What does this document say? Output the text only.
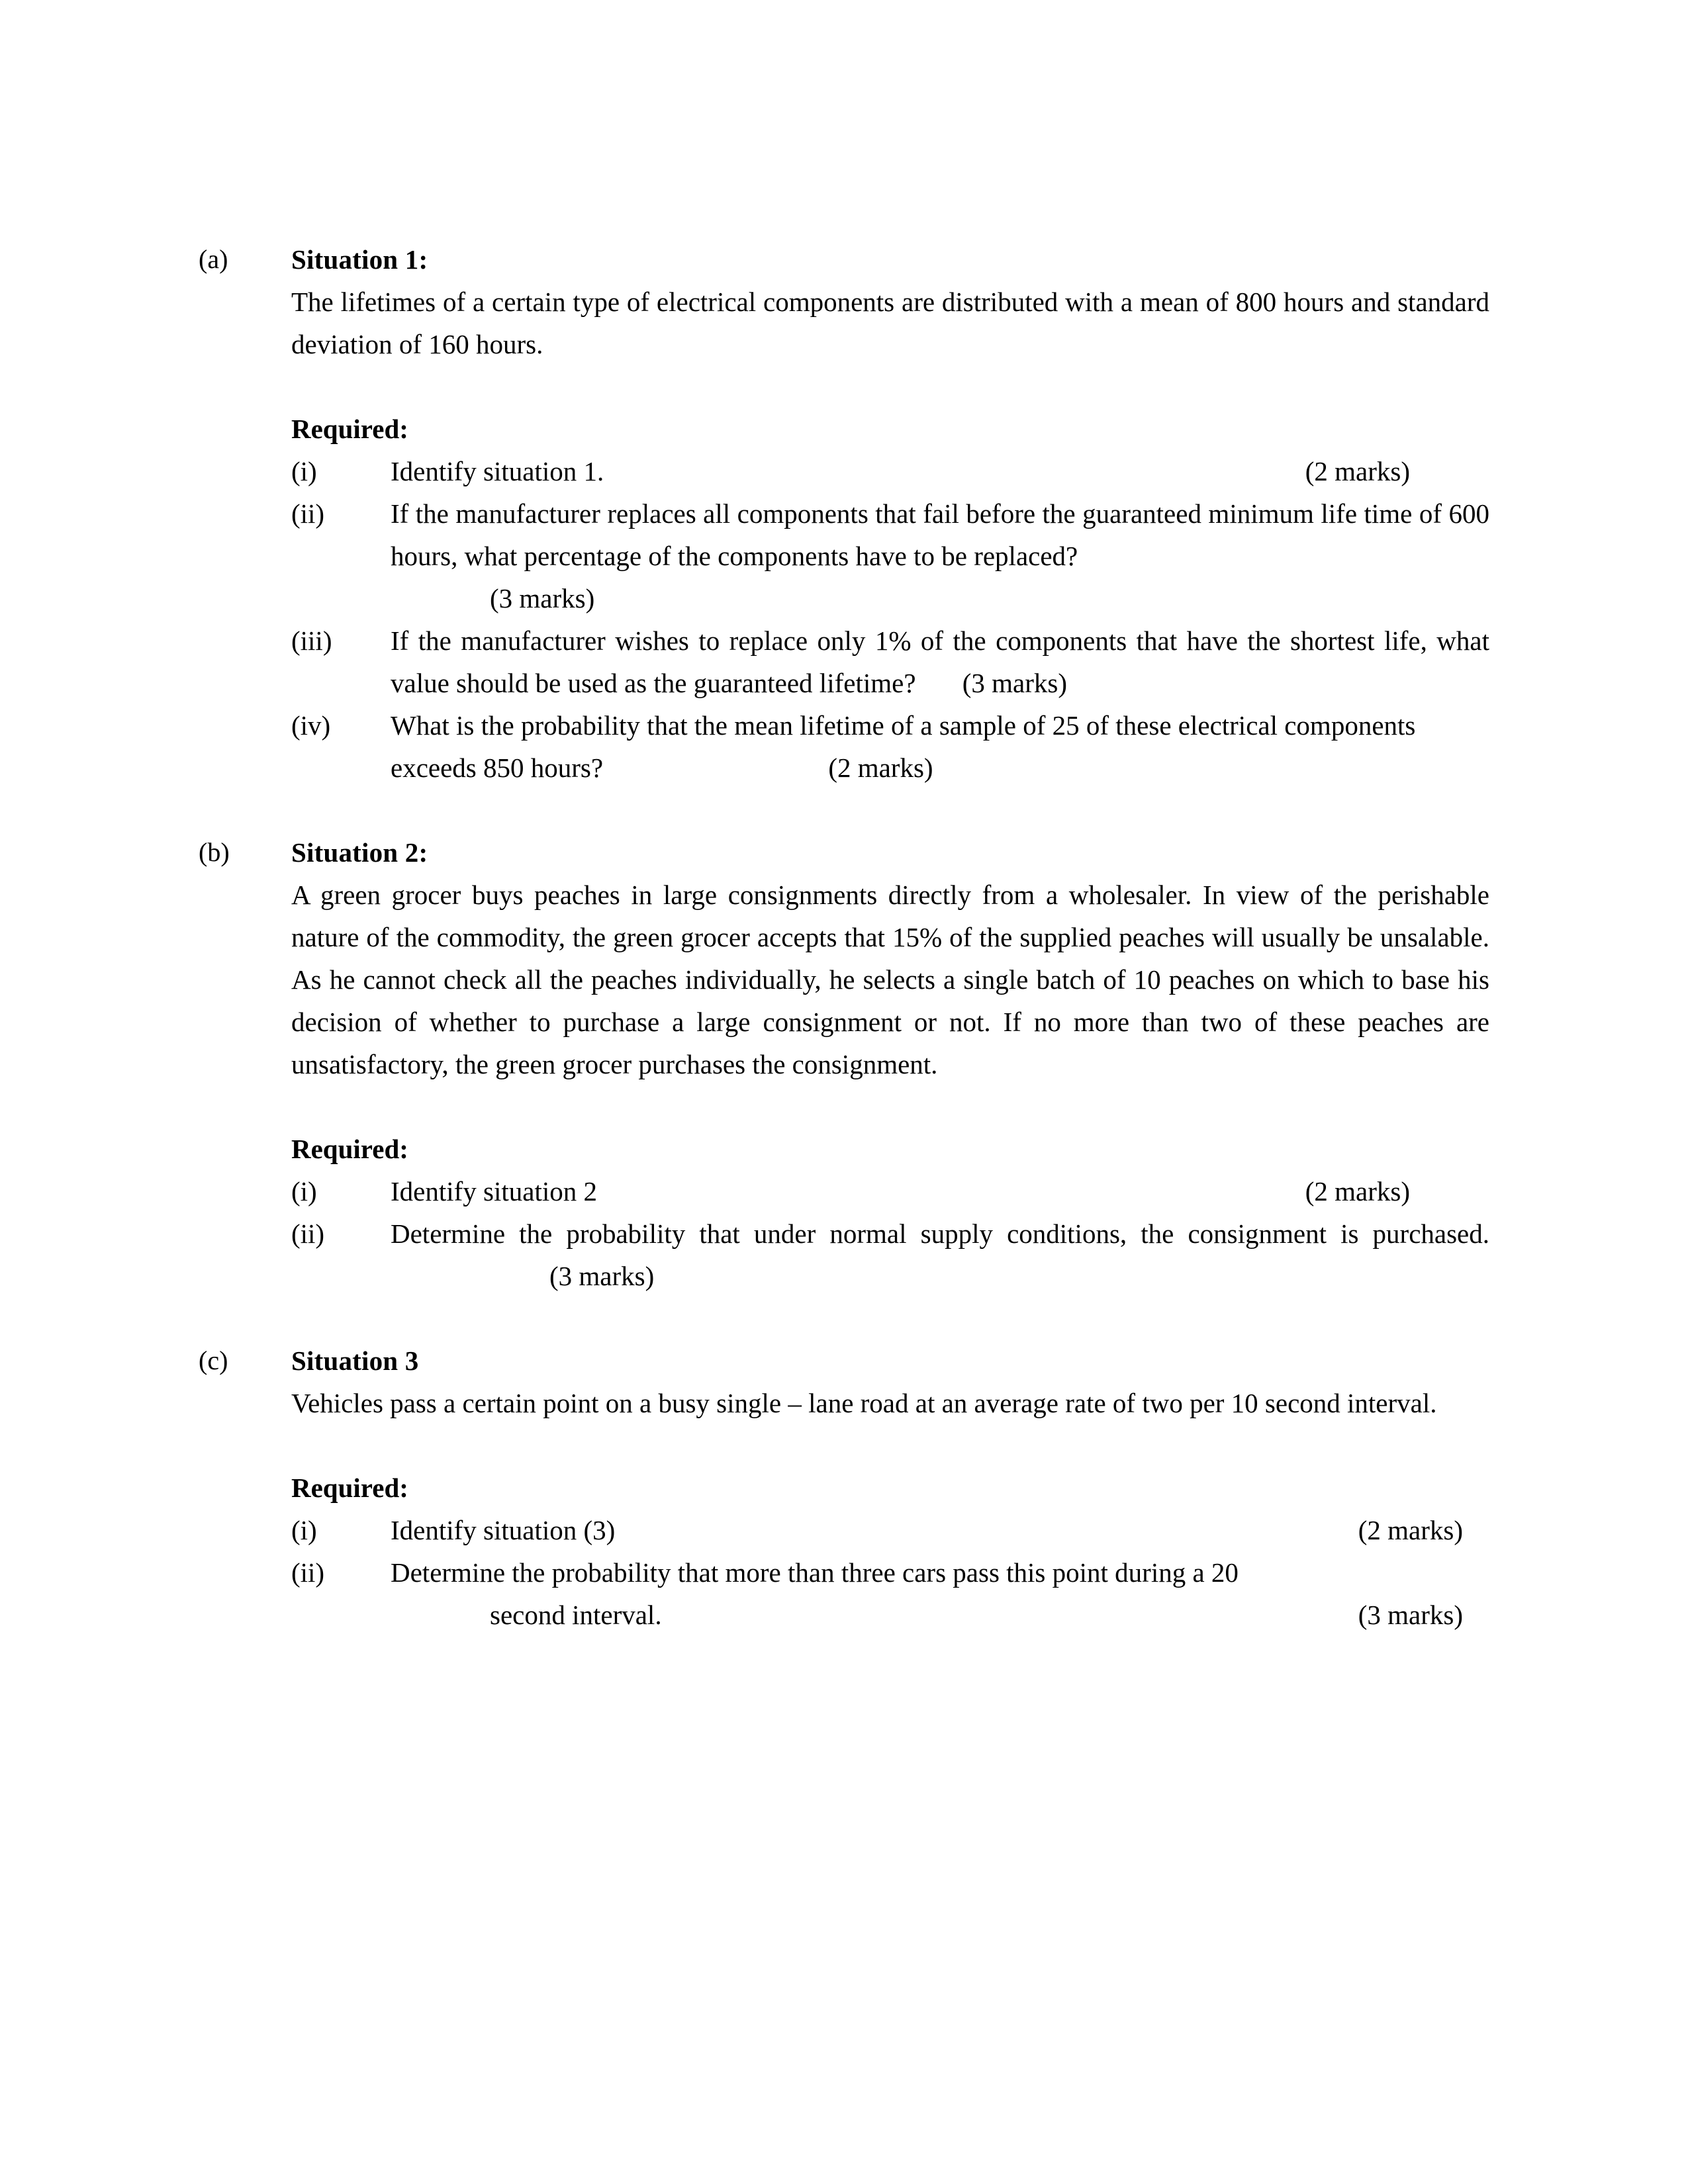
(a)	Situation 1:
The lifetimes of a certain type of electrical components are distributed with a mean of 800 hours and standard deviation of 160 hours.
Required:
(i)	Identify situation 1.	(2 marks)
(ii)	If the manufacturer replaces all components that fail before the guaranteed minimum life time of 600 hours, what percentage of the components have to be replaced?
(3 marks)
(iii)	If the manufacturer wishes to replace only 1% of the components that have the shortest life, what value should be used as the guaranteed lifetime? (3 marks)
(iv)	What is the probability that the mean lifetime of a sample of 25 of these electrical components exceeds 850 hours?	(2 marks)
(b)	Situation 2:
A green grocer buys peaches in large consignments directly from a wholesaler. In view of the perishable nature of the commodity, the green grocer accepts that 15% of the supplied peaches will usually be unsalable. As he cannot check all the peaches individually, he selects a single batch of 10 peaches on which to base his decision of whether to purchase a large consignment or not. If no more than two of these peaches are unsatisfactory, the green grocer purchases the consignment.
Required:
(i)	Identify situation 2	(2 marks)
(ii)	Determine the probability that under normal supply conditions, the consignment is purchased. (3 marks)
(c)	Situation 3
Vehicles pass a certain point on a busy single – lane road at an average rate of two per 10 second interval.
Required:
(i)	Identify situation (3)	(2 marks)
(ii)	Determine the probability that more than three cars pass this point during a 20
second interval.	(3 marks)
